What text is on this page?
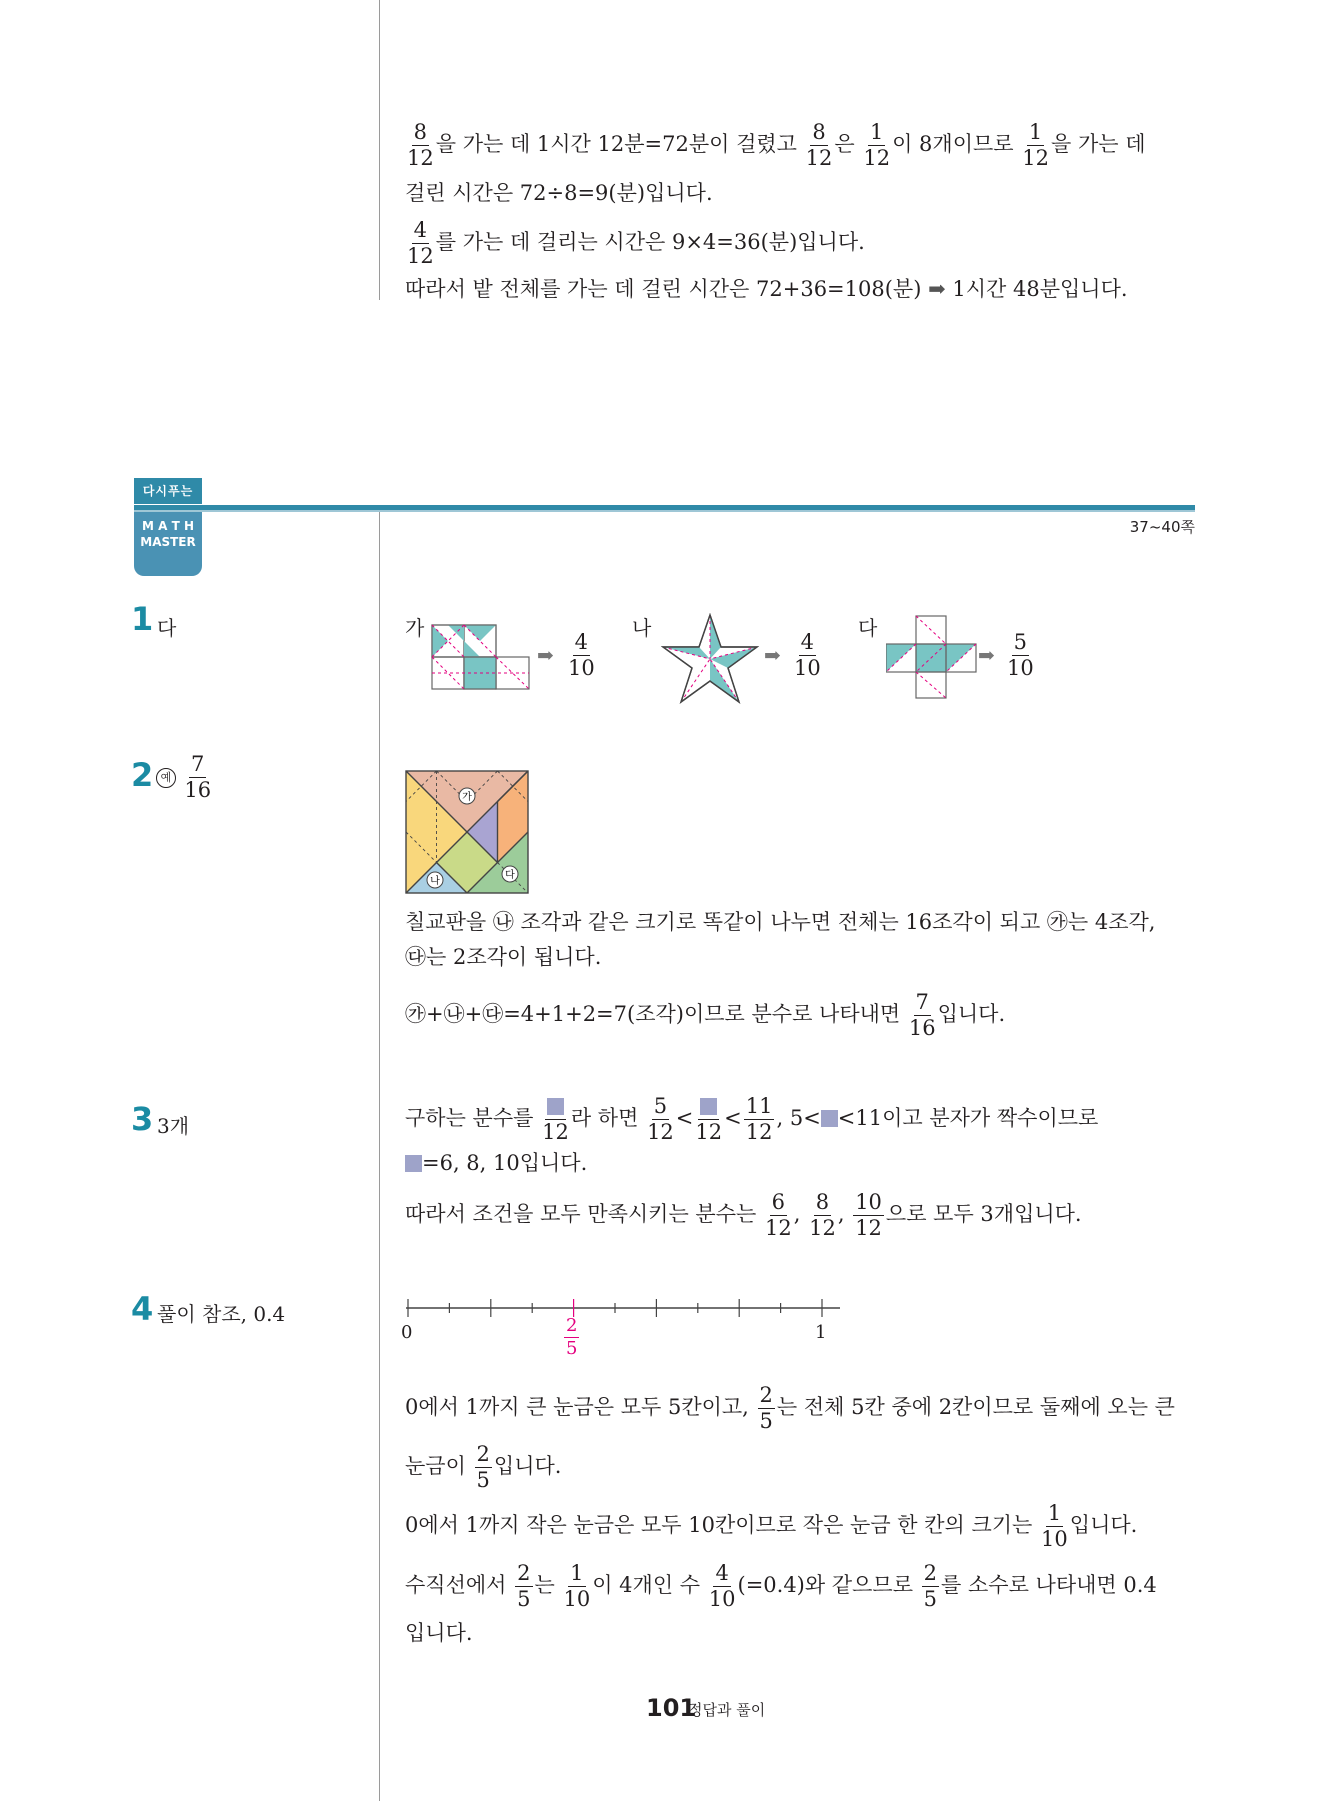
$\frac{8}{12}$ 을 가는 데 1시간 12분=72분이 걸렸고 $\frac{8}{12}$ 은 $\frac{1}{12}$ 이 8개이므로 $\frac{1}{12}$ 을 가는 데
걸린 시간은 72÷8=9(분)입니다.
$\frac{4}{12}$ 를 가는 데 걸리는 시간은 9×4=36(분)입니다.
따라서 밭 전체를 가는 데 걸린 시간은 72+36=108(분) ➡ 1시간 48분입니다.
다시푸는
M A T H
MASTER
37~40쪽
1 다	가
➡ $\frac{4}{10}$
나
➡ $\frac{4}{10}$
다
➡ $\frac{5}{10}$
2 예 $\frac{7}{16}$	가
나
다
칠교판을 ㉯ 조각과 같은 크기로 똑같이 나누면 전체는 16조각이 되고 ㉮는 4조각,
㉰는 2조각이 됩니다.
㉮+㉯+㉰=4+1+2=7(조각)이므로 분수로 나타내면 $\frac{7}{16}$ 입니다.
3 3개	구하는 분수를
12
라 하면 $\frac{5}{12}$ <
12
< $\frac{11}{12}$ , 5< <11이고 분자가 짝수이므로
=6, 8, 10입니다.
따라서 조건을 모두 만족시키는 분수는 $\frac{6}{12}$ , $\frac{8}{12}$ , $\frac{10}{12}$ 으로 모두 3개입니다.
4 풀이 참조, 0.4
0	1
$\frac{2}{5}$
0에서 1까지 큰 눈금은 모두 5칸이고, $\frac{2}{5}$ 는 전체 5칸 중에 2칸이므로 둘째에 오는 큰
눈금이 $\frac{2}{5}$ 입니다.
0에서 1까지 작은 눈금은 모두 10칸이므로 작은 눈금 한 칸의 크기는 $\frac{1}{10}$ 입니다.
수직선에서 $\frac{2}{5}$ 는 $\frac{1}{10}$ 이 4개인 수 $\frac{4}{10} (=0.4)$와 같으므로 $\frac{2}{5}$ 를 소수로 나타내면 0.4
입니다.
101
정답과 풀이
